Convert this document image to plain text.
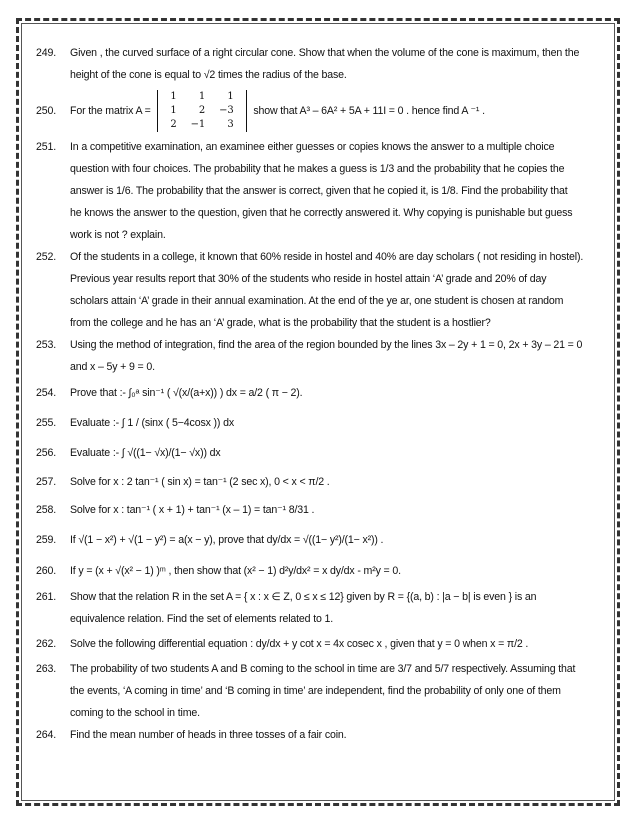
249. Given , the curved surface of a right circular cone. Show that when the volume of the cone is maximum, then the
height of the cone is equal to √2 times the radius of the base.
250. For the matrix A =
1	1	1
1	2	−3
2	−1	3
show that A³ – 6A² + 5A + 11I = 0 . hence find A ⁻¹ .
251. In a competitive examination, an examinee either guesses or copies knows the answer to a multiple choice
question with four choices. The probability that he makes a guess is 1/3 and the probability that he copies the
answer is 1/6. The probability that the answer is correct, given that he copied it, is 1/8. Find the probability that
he knows the answer to the question, given that he correctly answered it. Why copying is punishable but guess
work is not ? explain.
252. Of the students in a college, it known that 60% reside in hostel and 40% are day scholars ( not residing in hostel).
Previous year results report that 30% of the students who reside in hostel attain ‘A’ grade and 20% of day
scholars attain ‘A’ grade in their annual examination. At the end of the ye ar, one student is chosen at random
from the college and he has an ‘A’ grade, what is the probability that the student is a hostlier?
253. Using the method of integration, find the area of the region bounded by the lines 3x – 2y + 1 = 0, 2x + 3y – 21 = 0
and x – 5y + 9 = 0.
254. Prove that :- ∫₀ᵃ sin⁻¹ ( √(x/(a+x)) ) dx = a/2 ( π − 2).
255. Evaluate :- ∫ 1 / (sinx ( 5−4cosx )) dx
256. Evaluate :- ∫ √((1− √x)/(1− √x)) dx
257. Solve for x : 2 tan⁻¹ ( sin x) = tan⁻¹ (2 sec x), 0 < x < π/2 .
258. Solve for x : tan⁻¹ ( x + 1) + tan⁻¹ (x – 1) = tan⁻¹ 8/31 .
259. If √(1 − x²) + √(1 − y²) = a(x − y), prove that dy/dx = √((1− y²)/(1− x²)) .
260. If y = (x + √(x² − 1) )ᵐ , then show that (x² − 1) d²y/dx² = x dy/dx - m²y = 0.
261. Show that the relation R in the set A = { x : x ∈ Z, 0 ≤ x ≤ 12} given by R = {(a, b) : |a − b| is even } is an
equivalence relation. Find the set of elements related to 1.
262. Solve the following differential equation : dy/dx + y cot x = 4x cosec x , given that y = 0 when x = π/2 .
263. The probability of two students A and B coming to the school in time are 3/7 and 5/7 respectively. Assuming that
the events, ‘A coming in time’ and ‘B coming in time’ are independent, find the probability of only one of them
coming to the school in time.
264. Find the mean number of heads in three tosses of a fair coin.
